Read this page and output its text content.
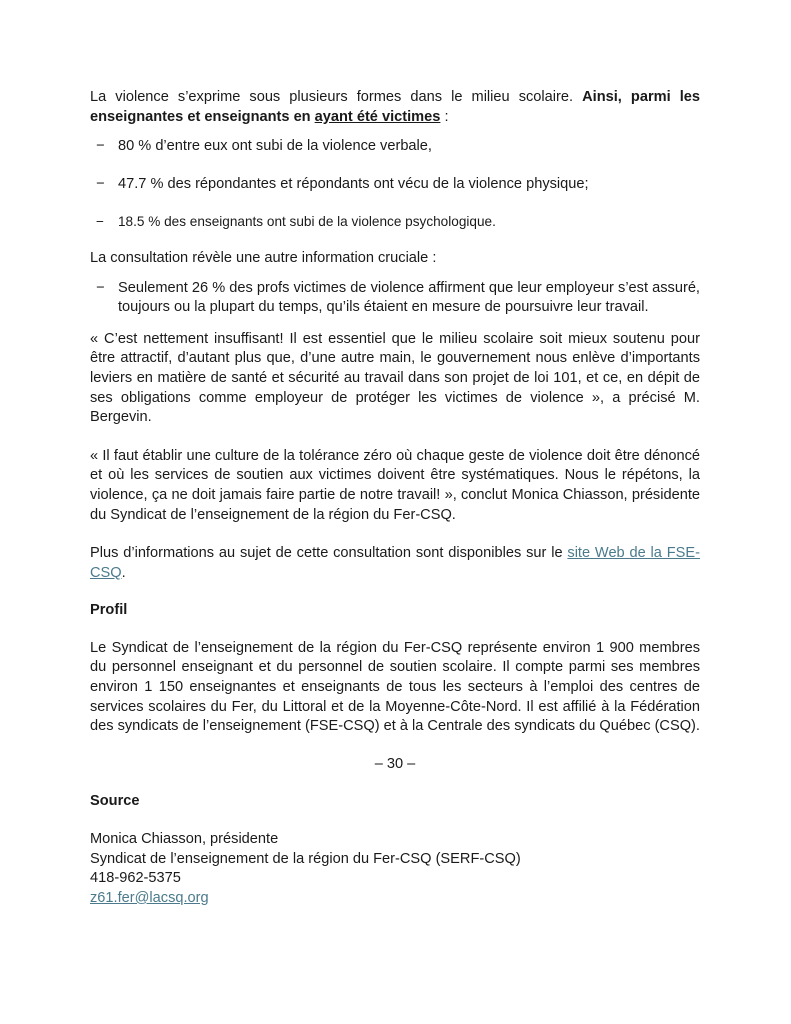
La violence s’exprime sous plusieurs formes dans le milieu scolaire. Ainsi, parmi les enseignantes et enseignants en ayant été victimes :

− 80 % d’entre eux ont subi de la violence verbale,
− 47.7 % des répondantes et répondants ont vécu de la violence physique;
− 18.5 % des enseignants ont subi de la violence psychologique.

La consultation révèle une autre information cruciale :

− Seulement 26 % des profs victimes de violence affirment que leur employeur s’est assuré, toujours ou la plupart du temps, qu’ils étaient en mesure de poursuivre leur travail.

« C’est nettement insuffisant! Il est essentiel que le milieu scolaire soit mieux soutenu pour être attractif, d’autant plus que, d’une autre main, le gouvernement nous enlève d’importants leviers en matière de santé et sécurité au travail dans son projet de loi 101, et ce, en dépit de ses obligations comme employeur de protéger les victimes de violence », a précisé M. Bergevin.

« Il faut établir une culture de la tolérance zéro où chaque geste de violence doit être dénoncé et où les services de soutien aux victimes doivent être systématiques. Nous le répétons, la violence, ça ne doit jamais faire partie de notre travail! », conclut Monica Chiasson, présidente du Syndicat de l’enseignement de la région du Fer-CSQ.

Plus d’informations au sujet de cette consultation sont disponibles sur le site Web de la FSE-CSQ.

Profil

Le Syndicat de l’enseignement de la région du Fer-CSQ représente environ 1 900 membres du personnel enseignant et du personnel de soutien scolaire. Il compte parmi ses membres environ 1 150 enseignantes et enseignants de tous les secteurs à l’emploi des centres de services scolaires du Fer, du Littoral et de la Moyenne-Côte-Nord. Il est affilié à la Fédération des syndicats de l’enseignement (FSE-CSQ) et à la Centrale des syndicats du Québec (CSQ).

– 30 –
Source
Monica Chiasson, présidente
Syndicat de l’enseignement de la région du Fer-CSQ (SERF-CSQ)
418-962-5375
z61.fer@lacsq.org
